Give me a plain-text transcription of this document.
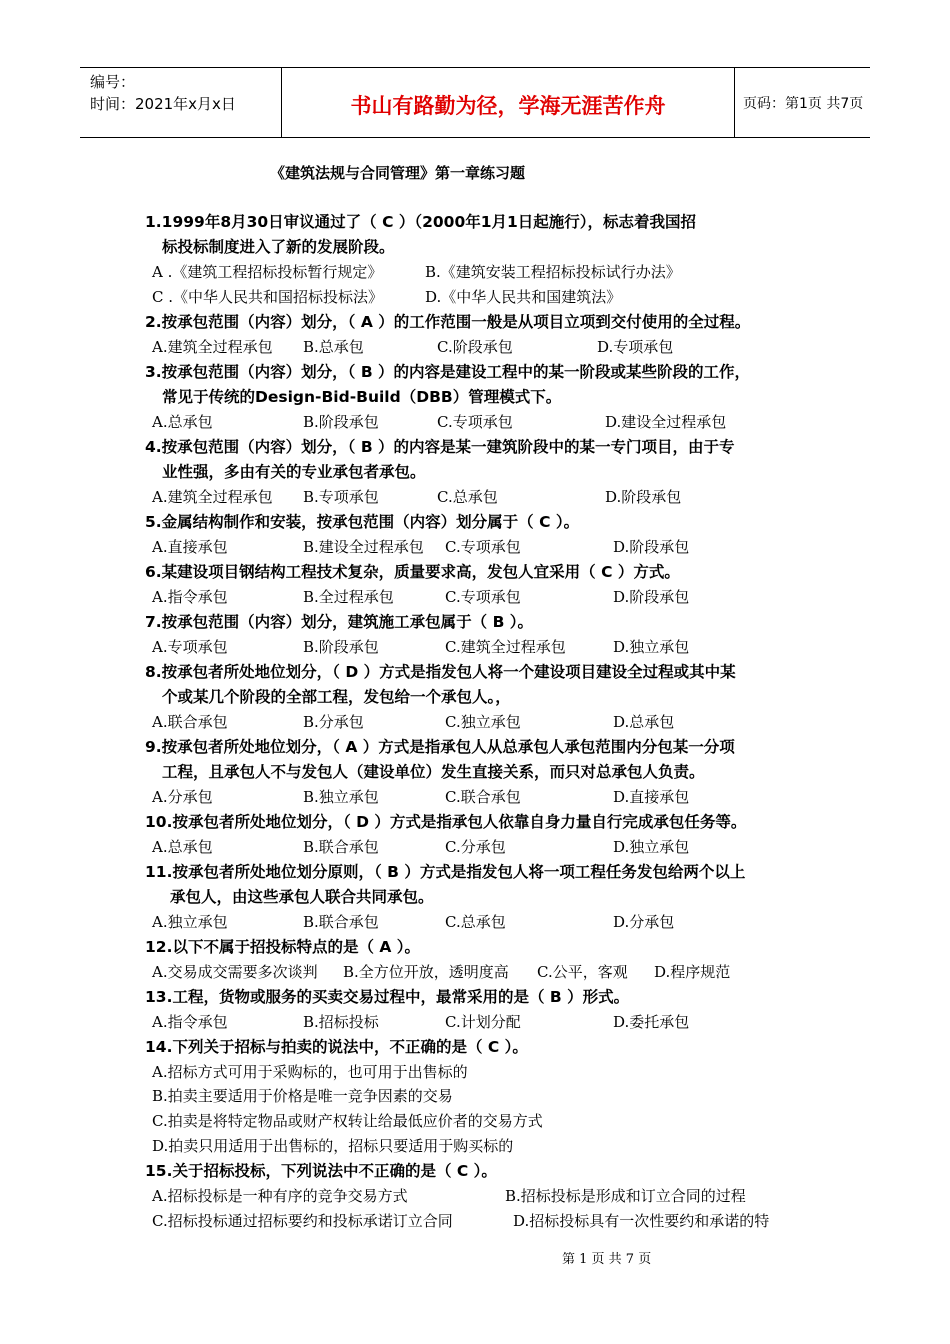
编号：
时间：2021年x月x日	书山有路勤为径，学海无涯苦作舟	页码：第1页 共7页
《建筑法规与合同管理》第一章练习题
1.1999年8月30日审议通过了（ C ）（2000年1月1日起施行），标志着我国招
标投标制度进入了新的发展阶段。
A .《建筑工程招标投标暂行规定》	B.《建筑安装工程招标投标试行办法》
C .《中华人民共和国招标投标法》	D.《中华人民共和国建筑法》
2.按承包范围（内容）划分，（ A ）的工作范围一般是从项目立项到交付使用的全过程。
A.建筑全过程承包 B.总承包	C.阶段承包	D.专项承包
3.按承包范围（内容）划分，（ B ）的内容是建设工程中的某一阶段或某些阶段的工作，
常见于传统的Design-Bid-Build（DBB）管理模式下。
A.总承包	B.阶段承包	C.专项承包	D.建设全过程承包
4.按承包范围（内容）划分，（ B ）的内容是某一建筑阶段中的某一专门项目，由于专
业性强，多由有关的专业承包者承包。
A.建筑全过程承包 B.专项承包	C.总承包	D.阶段承包
5.金属结构制作和安装，按承包范围（内容）划分属于（ C ）。
A.直接承包	B.建设全过程承包 C.专项承包	D.阶段承包
6.某建设项目钢结构工程技术复杂，质量要求高，发包人宜采用（ C ）方式。
A.指令承包	B.全过程承包	C.专项承包	D.阶段承包
7.按承包范围（内容）划分，建筑施工承包属于（ B ）。
A.专项承包	B.阶段承包	C.建筑全过程承包	D.独立承包
8.按承包者所处地位划分，（ D ）方式是指发包人将一个建设项目建设全过程或其中某
个或某几个阶段的全部工程，发包给一个承包人。，
A.联合承包	B.分承包	C.独立承包	D.总承包
9.按承包者所处地位划分，（ A ）方式是指承包人从总承包人承包范围内分包某一分项
工程，且承包人不与发包人（建设单位）发生直接关系，而只对总承包人负责。
A.分承包	B.独立承包	C.联合承包	D.直接承包
10.按承包者所处地位划分，（ D ）方式是指承包人依靠自身力量自行完成承包任务等。
A.总承包	B.联合承包	C.分承包	D.独立承包
11.按承包者所处地位划分原则，（ B ）方式是指发包人将一项工程任务发包给两个以上
承包人，由这些承包人联合共同承包。
A.独立承包	B.联合承包	C.总承包	D.分承包
12.以下不属于招投标特点的是（ A ）。
A.交易成交需要多次谈判 B.全方位开放，透明度高 C.公平，客观 D.程序规范
13.工程，货物或服务的买卖交易过程中，最常采用的是（ B ）形式。
A.指令承包	B.招标投标	C.计划分配	D.委托承包
14.下列关于招标与拍卖的说法中，不正确的是（ C ）。
A.招标方式可用于采购标的，也可用于出售标的
B.拍卖主要适用于价格是唯一竞争因素的交易
C.拍卖是将特定物品或财产权转让给最低应价者的交易方式
D.拍卖只用适用于出售标的，招标只要适用于购买标的
15.关于招标投标，下列说法中不正确的是（ C ）。
A.招标投标是一种有序的竞争交易方式	B.招标投标是形成和订立合同的过程
C.招标投标通过招标要约和投标承诺订立合同	D.招标投标具有一次性要约和承诺的特
第 1 页 共 7 页
